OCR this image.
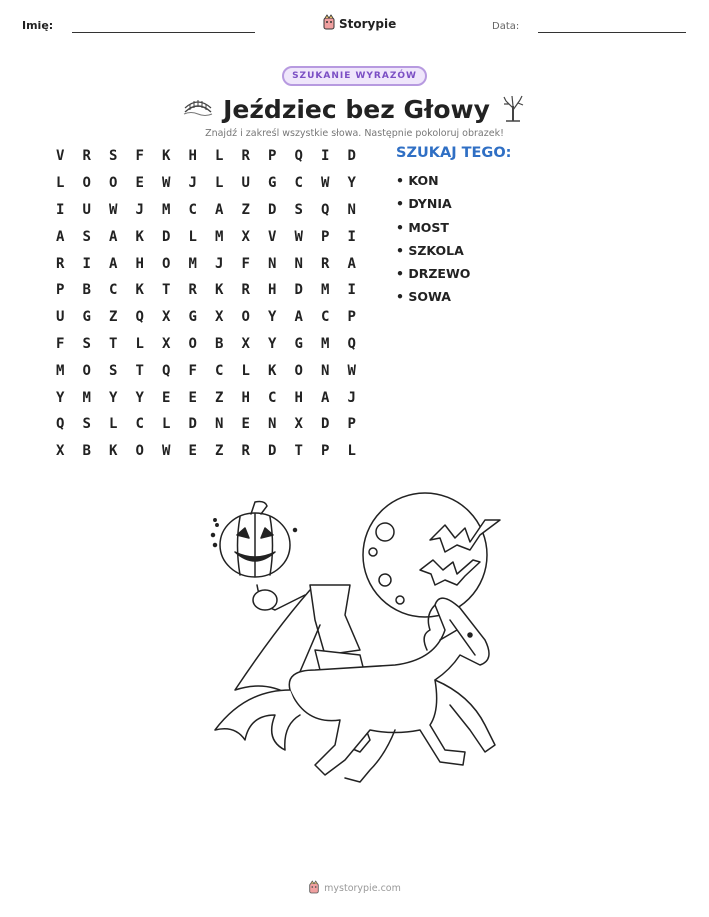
Imię:	Storypie	Data:
SZUKANIE WYRAZÓW
Jeździec bez Głowy
Znajdź i zakreśl wszystkie słowa. Następnie pokoloruj obrazek!
V	R	S	F	K	H	L	R	P	Q	I	D
L	O	O	E	W	J	L	U	G	C	W	Y
I	U	W	J	M	C	A	Z	D	S	Q	N
A	S	A	K	D	L	M	X	V	W	P	I
R	I	A	H	O	M	J	F	N	N	R	A
P	B	C	K	T	R	K	R	H	D	M	I
U	G	Z	Q	X	G	X	O	Y	A	C	P
F	S	T	L	X	O	B	X	Y	G	M	Q
M	O	S	T	Q	F	C	L	K	O	N	W
Y	M	Y	Y	E	E	Z	H	C	H	A	J
Q	S	L	C	L	D	N	E	N	X	D	P
X	B	K	O	W	E	Z	R	D	T	P	L
SZUKAJ TEGO:
• KON
• DYNIA
• MOST
• SZKOLA
• DRZEWO
• SOWA
mystorypie.com
